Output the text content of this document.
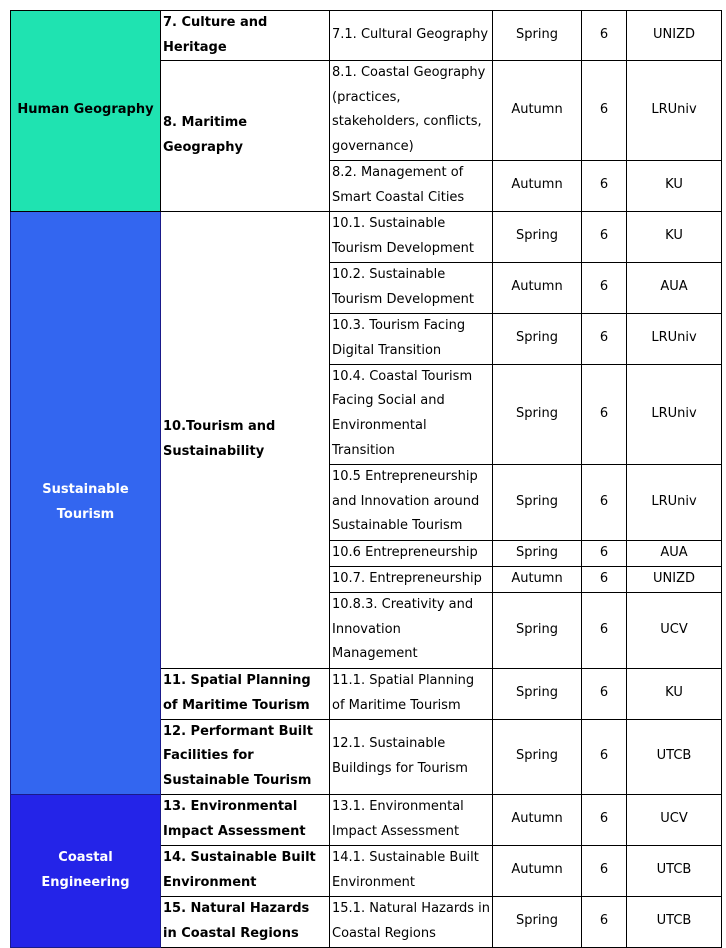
Human Geography	7. Culture and Heritage	7.1. Cultural Geography	Spring	6	UNIZD
	8. Maritime Geography	8.1. Coastal Geography (practices, stakeholders, conflicts, governance)	Autumn	6	LRUniv
		8.2. Management of Smart Coastal Cities	Autumn	6	KU

Sustainable Tourism	10.Tourism and Sustainability	10.1. Sustainable Tourism Development	Spring	6	KU
		10.2. Sustainable Tourism Development	Autumn	6	AUA
		10.3. Tourism Facing Digital Transition	Spring	6	LRUniv
		10.4. Coastal Tourism Facing Social and Environmental Transition	Spring	6	LRUniv
		10.5 Entrepreneurship and Innovation around Sustainable Tourism	Spring	6	LRUniv
		10.6 Entrepreneurship	Spring	6	AUA
		10.7. Entrepreneurship	Autumn	6	UNIZD
		10.8.3. Creativity and Innovation Management	Spring	6	UCV
	11. Spatial Planning of Maritime Tourism	11.1. Spatial Planning of Maritime Tourism	Spring	6	KU
	12. Performant Built Facilities for Sustainable Tourism	12.1. Sustainable Buildings for Tourism	Spring	6	UTCB

Coastal Engineering	13. Environmental Impact Assessment	13.1. Environmental Impact Assessment	Autumn	6	UCV
	14. Sustainable Built Environment	14.1. Sustainable Built Environment	Autumn	6	UTCB
	15. Natural Hazards in Coastal Regions	15.1. Natural Hazards in Coastal Regions	Spring	6	UTCB
